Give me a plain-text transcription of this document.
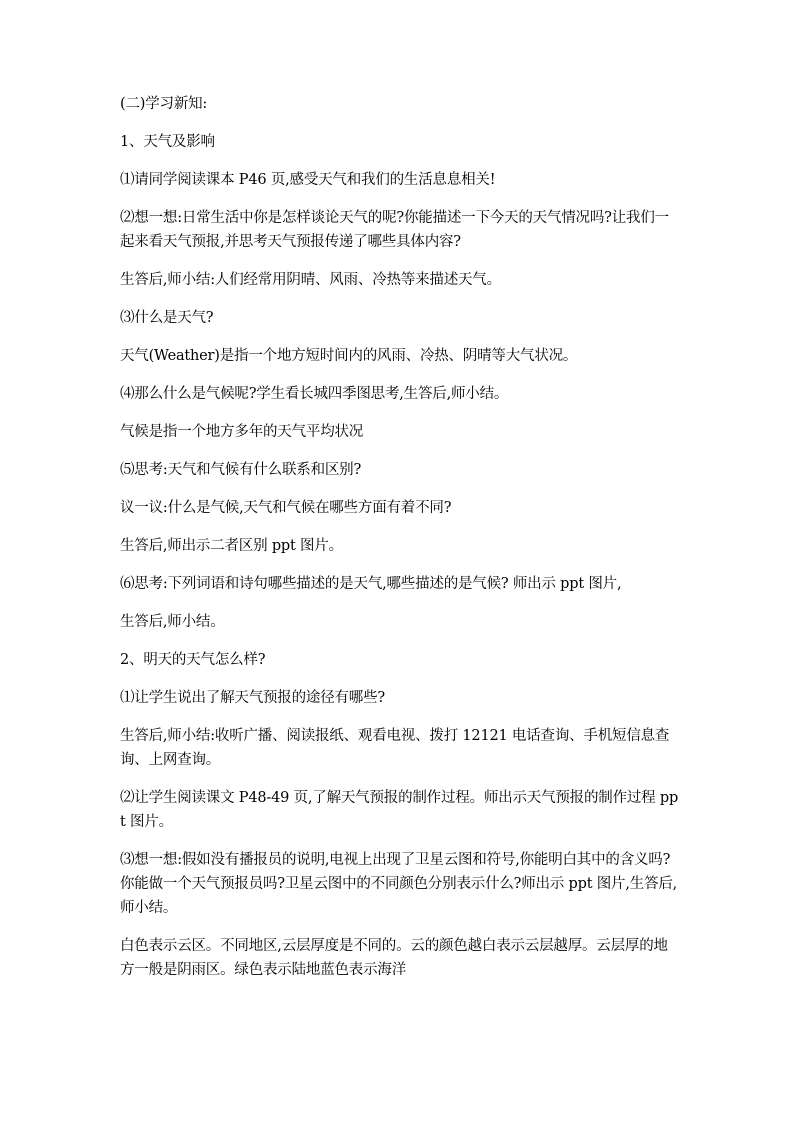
(二)学习新知:

1、天气及影响

⑴请同学阅读课本 P46 页,感受天气和我们的生活息息相关!

⑵想一想:日常生活中你是怎样谈论天气的呢?你能描述一下今天的天气情况吗?让我们一起来看天气预报,并思考天气预报传递了哪些具体内容?

生答后,师小结:人们经常用阴晴、风雨、冷热等来描述天气。

⑶什么是天气?

天气(Weather)是指一个地方短时间内的风雨、冷热、阴晴等大气状况。

⑷那么什么是气候呢?学生看长城四季图思考,生答后,师小结。

气候是指一个地方多年的天气平均状况

⑸思考:天气和气候有什么联系和区别?

议一议:什么是气候,天气和气候在哪些方面有着不同?

生答后,师出示二者区别 ppt 图片。

⑹思考:下列词语和诗句哪些描述的是天气,哪些描述的是气候? 师出示 ppt 图片,

生答后,师小结。

2、明天的天气怎么样?

⑴让学生说出了解天气预报的途径有哪些?

生答后,师小结:收听广播、阅读报纸、观看电视、拨打 12121 电话查询、手机短信息查询、上网查询。

⑵让学生阅读课文 P48-49 页,了解天气预报的制作过程。师出示天气预报的制作过程 ppt 图片。

⑶想一想:假如没有播报员的说明,电视上出现了卫星云图和符号,你能明白其中的含义吗?你能做一个天气预报员吗?卫星云图中的不同颜色分别表示什么?师出示 ppt 图片,生答后,师小结。

白色表示云区。不同地区,云层厚度是不同的。云的颜色越白表示云层越厚。云层厚的地方一般是阴雨区。绿色表示陆地蓝色表示海洋
